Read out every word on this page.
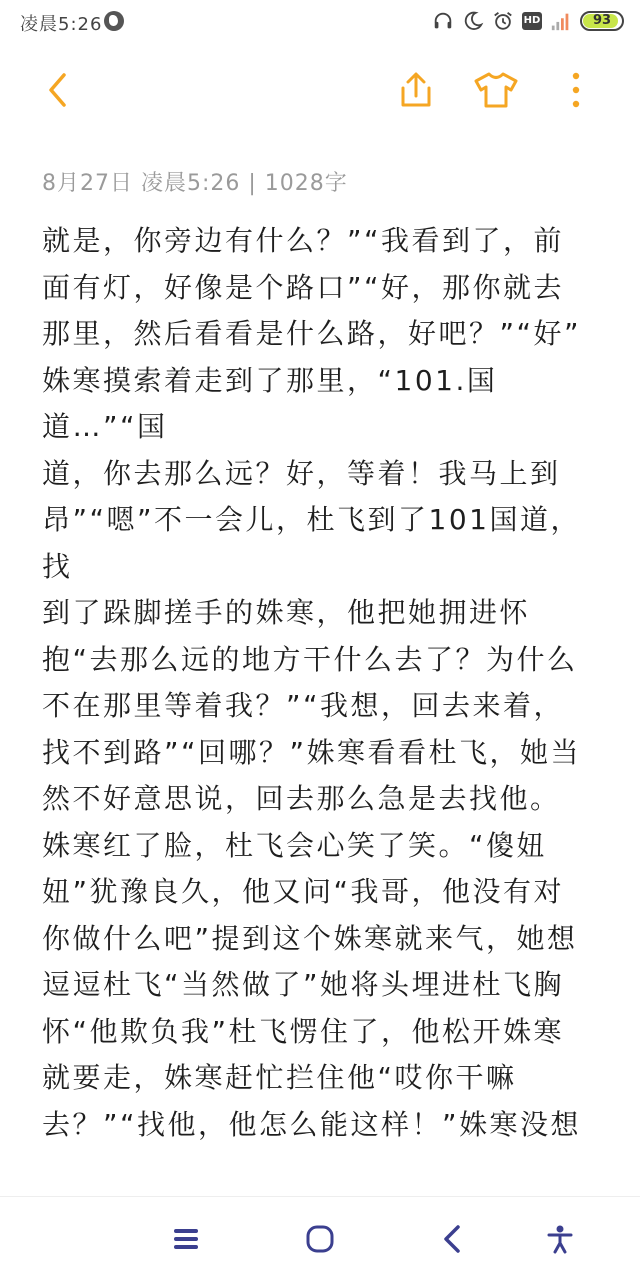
凌晨5:26	HD	93
8月27日 凌晨5:26 | 1028字
就是，你旁边有什么？”“我看到了，前
面有灯，好像是个路口”“好，那你就去
那里，然后看看是什么路，好吧？”“好”
姝寒摸索着走到了那里，“101.国道…”“国
道，你去那么远？好，等着！我马上到
昂”“嗯”不一会儿，杜飞到了101国道，找
到了跺脚搓手的姝寒，他把她拥进怀
抱“去那么远的地方干什么去了？为什么
不在那里等着我？”“我想，回去来着，
找不到路”“回哪？”姝寒看看杜飞，她当
然不好意思说，回去那么急是去找他。
姝寒红了脸，杜飞会心笑了笑。“傻妞
妞”犹豫良久，他又问“我哥，他没有对
你做什么吧”提到这个姝寒就来气，她想
逗逗杜飞“当然做了”她将头埋进杜飞胸
怀“他欺负我”杜飞愣住了，他松开姝寒
就要走，姝寒赶忙拦住他“哎你干嘛
去？”“找他，他怎么能这样！”姝寒没想
